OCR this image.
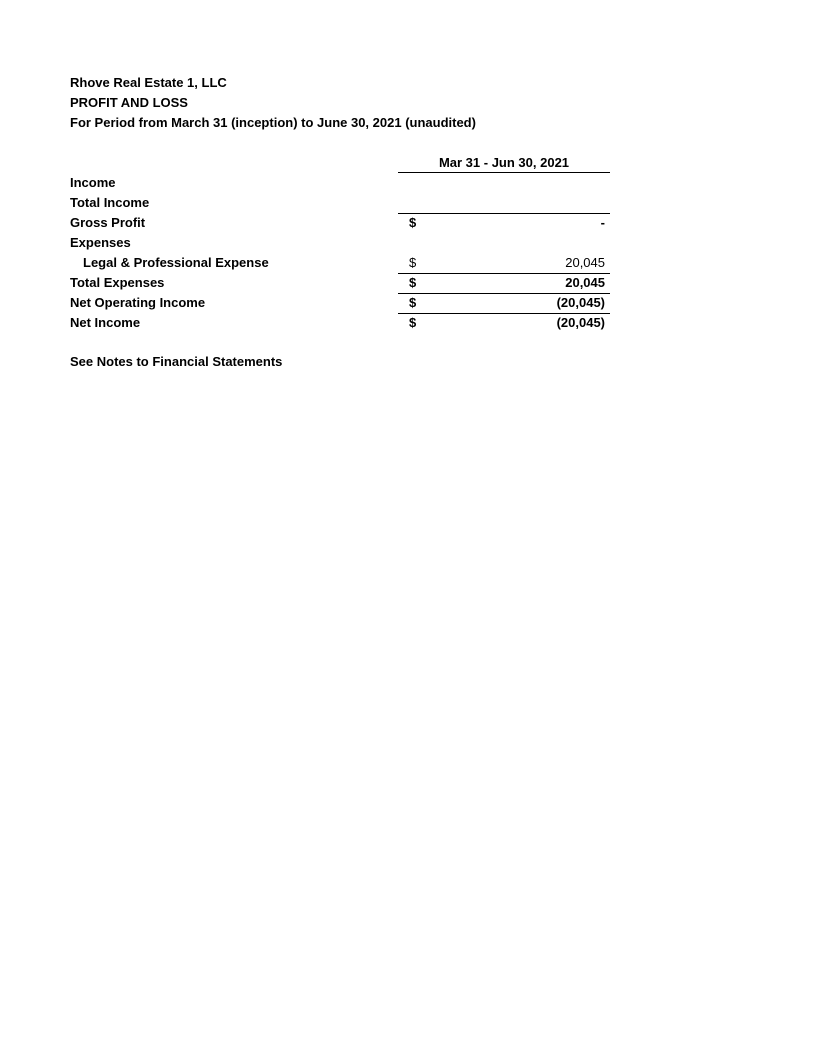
Rhove Real Estate 1, LLC
PROFIT AND LOSS
For Period from March 31 (inception) to June 30, 2021 (unaudited)
Mar 31 - Jun 30, 2021
Income
Total Income
Gross Profit	$	-
Expenses
Legal & Professional Expense	$	20,045
Total Expenses	$	20,045
Net Operating Income	$	(20,045)
Net Income	$	(20,045)
See Notes to Financial Statements
